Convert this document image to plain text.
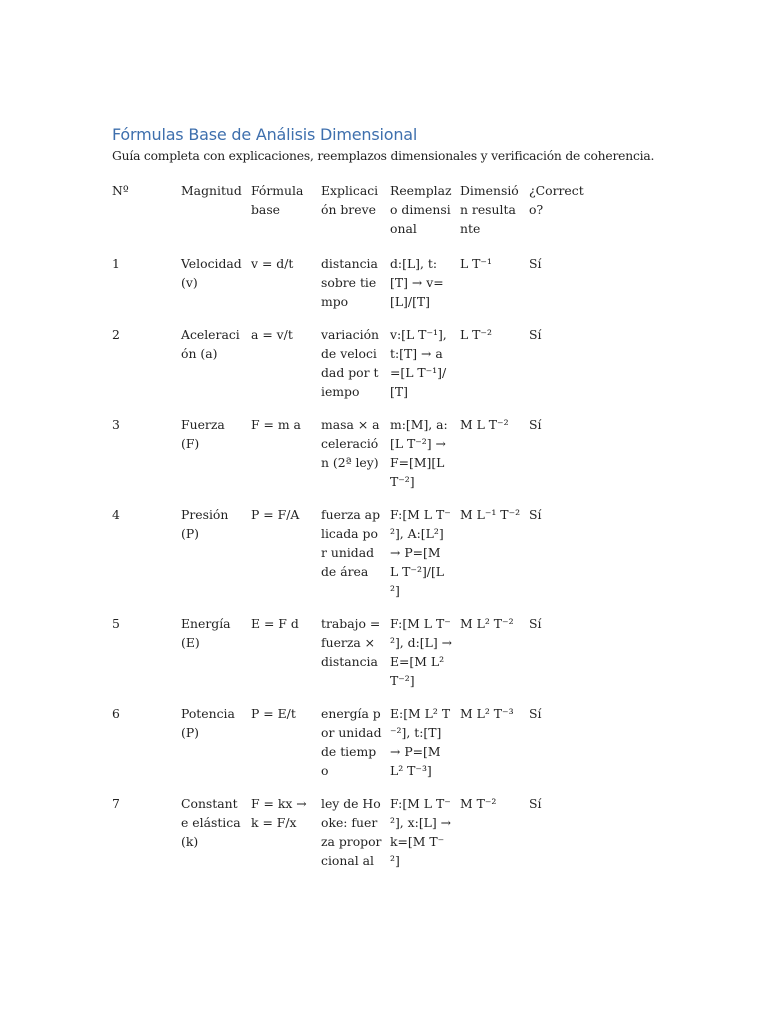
Fórmulas Base de Análisis Dimensional

Guía completa con explicaciones, reemplazos dimensionales y verificación de coherencia.

Nº	Magnitud	Fórmula base	Explicación breve	Reemplazo dimensional	Dimensión resultante	¿Correcto?
1	Velocidad (v)	v = d/t	distancia sobre tiempo	d:[L], t:[T] → v=[L]/[T]	L T⁻¹	Sí
2	Aceleración (a)	a = v/t	variación de velocidad por tiempo	v:[L T⁻¹], t:[T] → a=[L T⁻¹]/[T]	L T⁻²	Sí
3	Fuerza (F)	F = m a	masa × aceleración (2ª ley)	m:[M], a:[L T⁻²] → F=[M][L T⁻²]	M L T⁻²	Sí
4	Presión (P)	P = F/A	fuerza aplicada por unidad de área	F:[M L T⁻²], A:[L²] → P=[M L T⁻²]/[L²]	M L⁻¹ T⁻²	Sí
5	Energía (E)	E = F d	trabajo = fuerza × distancia	F:[M L T⁻²], d:[L] → E=[M L² T⁻²]	M L² T⁻²	Sí
6	Potencia (P)	P = E/t	energía por unidad de tiempo	E:[M L² T⁻²], t:[T] → P=[M L² T⁻³]	M L² T⁻³	Sí
7	Constante elástica (k)	F = kx → k = F/x	ley de Hooke: fuerza proporcional al	F:[M L T⁻²], x:[L] → k=[M T⁻²]	M T⁻²	Sí
